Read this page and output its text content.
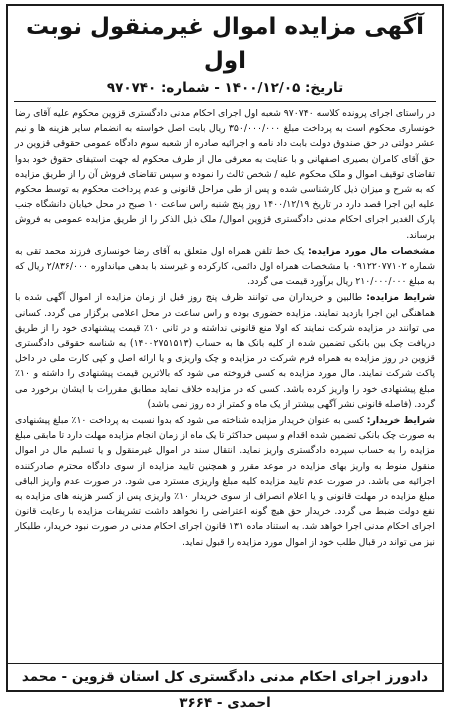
آگهی مزایده اموال غیرمنقول نوبت اول
تاریخ: ۱۴۰۰/۱۲/۰۵ - شماره: ۹۷۰۷۴۰

در راستای اجرای پرونده کلاسه ۹۷۰۷۴۰ شعبه اول اجرای احکام مدنی دادگستری قزوین محکوم علیه آقای رضا خونساری محکوم است به پرداخت مبلغ ۳۵۰/۰۰۰/۰۰۰ ریال بابت اصل خواسته به انضمام سایر هزینه ها و نیم عشر دولتی در حق صندوق دولت بابت داد نامه و اجرائیه صادره از شعبه سوم دادگاه عمومی حقوقی قزوین در حق آقای کامران بصیری اصفهانی و با عنایت به معرفی مال از طرف محکوم له جهت استیفای حقوق خود بدوا تقاضای توقیف اموال و ملک محکوم علیه / شخص ثالث را نموده و سپس تقاضای فروش آن را از طریق مزایده که به شرح و میزان ذیل کارشناسی شده و پس از طی مراحل قانونی و عدم پرداخت محکوم به توسط محکوم علیه این اجرا قصد دارد در تاریخ ۱۴۰۰/۱۲/۱۹ روز پنج شنبه راس ساعت ۱۰ صبح در محل خیابان دانشگاه جنب پارک الغدیر اجرای احکام مدنی دادگستری قزوین اموال/ ملک ذیل الذکر را از طریق مزایده عمومی به فروش برساند.

مشخصات مال مورد مزایده: یک خط تلفن همراه اول متعلق به آقای رضا خونساری فرزند محمد تقی به شماره ۰۹۱۲۲۰۷۷۱۰۲ با مشخصات همراه اول دائمی، کارکرده و غیرسند با بدهی میانداوره ۲/۸۳۶/۰۰۰ ریال که به مبلغ ۲۱۰/۰۰۰/۰۰۰ ریال برآورد قیمت می گردد.

شرایط مزایده: طالبین و خریداران می توانند ظرف پنج روز قبل از زمان مزایده از اموال آگهی شده با هماهنگی این اجرا بازدید نمایند. مزایده حضوری بوده و راس ساعت در محل اعلامی برگزار می گردد. کسانی می توانند در مزایده شرکت نمایند که اولا منع قانونی نداشته و در ثانی ۱۰٪ قیمت پیشنهادی خود را از طریق دریافت چک بین بانکی تضمین شده از کلیه بانک ها به حساب (۱۴۰۰۲۷۵۱۵۱۳) به شناسه حقوقی دادگستری قزوین در روز مزایده به همراه فرم شرکت در مزایده و چک واریزی و یا ارائه اصل و کپی کارت ملی در داخل پاکت شرکت نمایند. مال مورد مزایده به کسی فروخته می شود که بالاترین قیمت پیشنهادی را داشته و ۱۰٪ مبلغ پیشنهادی خود را واریز کرده باشد. کسی که در مزایده خلاف نماید مطابق مقررات با ایشان برخورد می گردد. (فاصله قانونی نشر آگهی بیشتر از یک ماه و کمتر از ده روز نمی باشد)

شرایط خریدار: کسی به عنوان خریدار مزایده شناخته می شود که بدوا نسبت به پرداخت ۱۰٪ مبلغ پیشنهادی به صورت چک بانکی تضمین شده اقدام و سپس حداکثر تا یک ماه از زمان انجام مزایده مهلت دارد تا مابقی مبلغ مزایده را به حساب سپرده دادگستری واریز نماید. انتقال سند در اموال غیرمنقول و یا تسلیم مال در اموال منقول منوط به واریز بهای مزایده در موعد مقرر و همچنین تایید مزایده از سوی دادگاه محترم صادرکننده اجرائیه می باشد. در صورت عدم تایید مزایده کلیه مبلغ واریزی مسترد می شود. در صورت عدم واریز الباقی مبلغ مزایده در مهلت قانونی و یا اعلام انصراف از سوی خریدار ۱۰٪ واریزی پس از کسر هزینه های مزایده به نفع دولت ضبط می گردد. خریدار حق هیچ گونه اعتراضی را نخواهد داشت تشریفات مزایده با رعایت قانون اجرای احکام مدنی اجرا خواهد شد. به استناد ماده ۱۳۱ قانون اجرای احکام مدنی در صورت نبود خریدار، طلبکار نیز می تواند در قبال طلب خود از اموال مورد مزایده را قبول نماید.

دادورز اجرای احکام مدنی دادگستری کل استان قزوین - محمد احمدی - ۳۶۶۴
